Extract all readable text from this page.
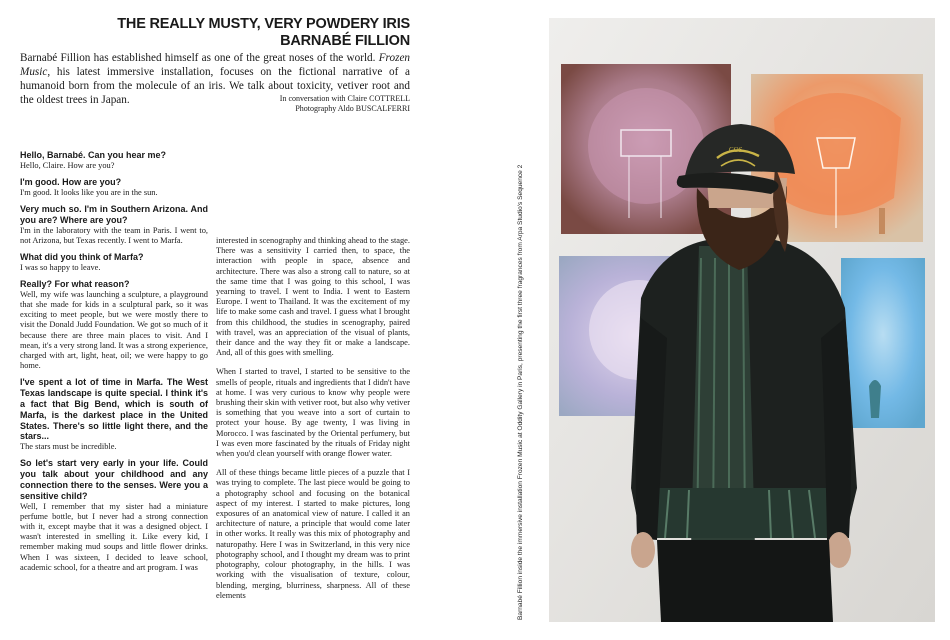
THE REALLY MUSTY, VERY POWDERY IRIS
BARNABÉ FILLION
Barnabé Fillion has established himself as one of the great noses of the world. Frozen Music, his latest immersive installation, focuses on the fictional narrative of a humanoid born from the molecule of an iris. We talk about toxicity, vetiver root and the oldest trees in Japan.	In conversation with Claire COTTRELL
Photography Aldo BUSCALFERRI
Hello, Barnabé. Can you hear me?
Hello, Claire. How are you?
I'm good. How are you?
I'm good. It looks like you are in the sun.
Very much so. I'm in Southern Arizona. And you are? Where are you?
I'm in the laboratory with the team in Paris. I went to, not Arizona, but Texas recently. I went to Marfa.
What did you think of Marfa?
I was so happy to leave.
Really? For what reason?
Well, my wife was launching a sculpture, a playground that she made for kids in a sculptural park, so it was exciting to meet people, but we were mostly there to visit the Donald Judd Foundation. We got so much of it because there are three main places to visit. And I mean, it's a very strong land. It was a strong experience, charged with art, light, heat, oil; we were happy to go home.
I've spent a lot of time in Marfa. The West Texas landscape is quite special. I think it's a fact that Big Bend, which is south of Marfa, is the darkest place in the United States. There's so little light there, and the stars...
The stars must be incredible.
So let's start very early in your life. Could you talk about your childhood and any connection there to the senses. Were you a sensitive child?
Well, I remember that my sister had a miniature perfume bottle, but I never had a strong connection with it, except maybe that it was a designed object. I wasn't interested in smelling it. Like every kid, I remember making mud soups and little flower drinks. When I was sixteen, I decided to leave school, academic school, for a theatre and art program. I was

interested in scenography and thinking ahead to the stage. There was a sensitivity I carried then, to space, the interaction with people in space, absence and architecture. There was also a strong call to nature, so at the same time that I was going to this school, I was yearning to travel. I went to India. I went to Eastern Europe. I went to Thailand. It was the excitement of my life to make some cash and travel. I guess what I brought from this childhood, the studies in scenography, paired with travel, was an appreciation of the visual of plants, their dance and the way they fit or make a landscape. And, all of this goes with smelling.

When I started to travel, I started to be sensitive to the smells of people, rituals and ingredients that I didn't have at home. I was very curious to know why people were brushing their skin with vetiver root, but also why vetiver is something that you weave into a sort of curtain to protect your house. By age twenty, I was living in Morocco. I was fascinated by the Oriental perfumery, but I was even more fascinated by the rituals of Friday night when you'd clean yourself with orange flower water.

All of these things became little pieces of a puzzle that I was trying to complete. The last piece would be going to a photography school and focusing on the botanical aspect of my interest. I started to make pictures, long exposures of an anatomical view of nature. I called it an architecture of nature, a principle that would come later in other works. It really was this mix of photography and naturopathy. Here I was in Switzerland, in this very nice photography school, and I thought my dream was to print photography, colour photography, in the hills. I was working with the visualisation of texture, colour, blending, merging, blurriness, sharpness. All of these elements	Barnabé Fillion inside the immersive installation Frozen Music at Oddity Gallery in Paris, presenting the first three fragrances from Arpa Studio's Sequence 2
COS.
